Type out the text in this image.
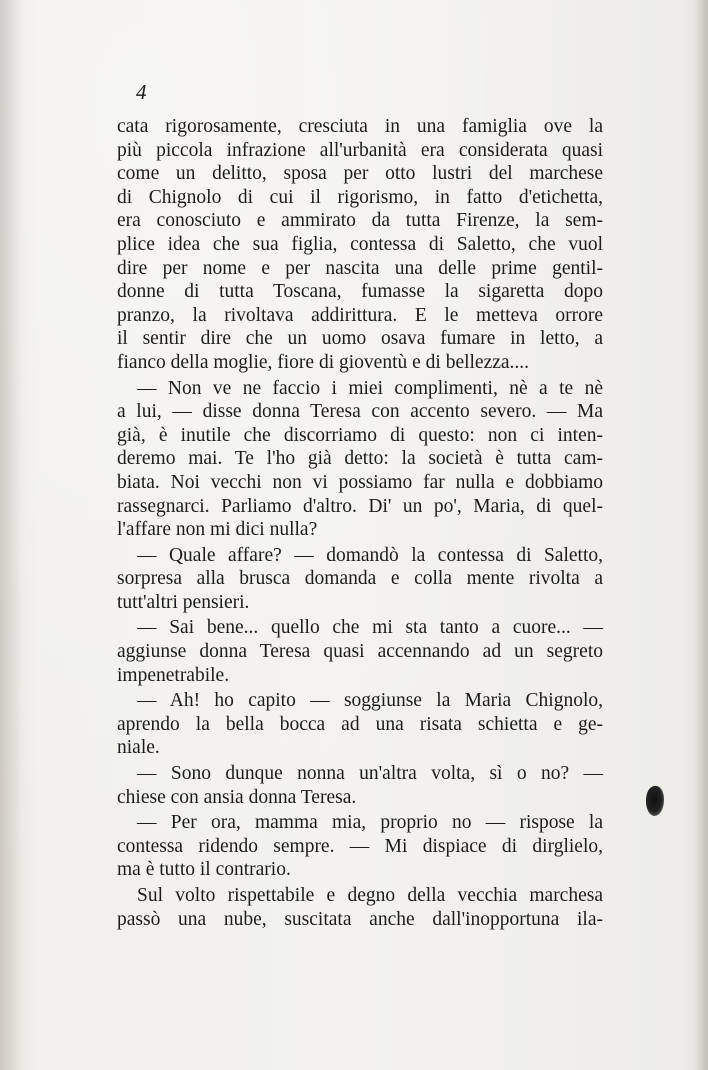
4

cata rigorosamente, cresciuta in una famiglia ove la
più piccola infrazione all'urbanità era considerata quasi
come un delitto, sposa per otto lustri del marchese
di Chignolo di cui il rigorismo, in fatto d'etichetta,
era conosciuto e ammirato da tutta Firenze, la sem-
plice idea che sua figlia, contessa di Saletto, che vuol
dire per nome e per nascita una delle prime gentil-
donne di tutta Toscana, fumasse la sigaretta dopo
pranzo, la rivoltava addirittura. E le metteva orrore
il sentir dire che un uomo osava fumare in letto, a
fianco della moglie, fiore di gioventù e di bellezza....
— Non ve ne faccio i miei complimenti, nè a te nè
a lui, — disse donna Teresa con accento severo. — Ma
già, è inutile che discorriamo di questo: non ci inten-
deremo mai. Te l'ho già detto: la società è tutta cam-
biata. Noi vecchi non vi possiamo far nulla e dobbiamo
rassegnarci. Parliamo d'altro. Di' un po', Maria, di quel-
l'affare non mi dici nulla?
— Quale affare? — domandò la contessa di Saletto,
sorpresa alla brusca domanda e colla mente rivolta a
tutt'altri pensieri.
— Sai bene... quello che mi sta tanto a cuore... —
aggiunse donna Teresa quasi accennando ad un segreto
impenetrabile.
— Ah! ho capito — soggiunse la Maria Chignolo,
aprendo la bella bocca ad una risata schietta e ge-
niale.
— Sono dunque nonna un'altra volta, sì o no? —
chiese con ansia donna Teresa.
— Per ora, mamma mia, proprio no — rispose la
contessa ridendo sempre. — Mi dispiace di dirglielo,
ma è tutto il contrario.
Sul volto rispettabile e degno della vecchia marchesa
passò una nube, suscitata anche dall'inopportuna ila-
